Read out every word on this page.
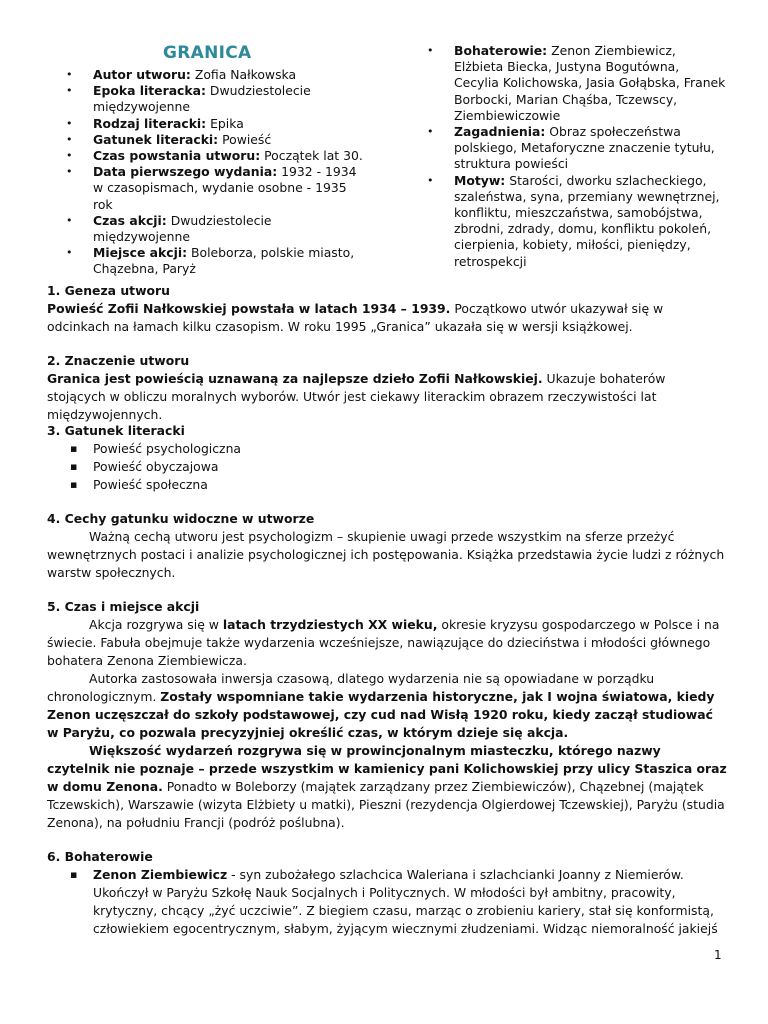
GRANICA
• Autor utworu: Zofia Nałkowska
• Epoka literacka: Dwudziestolecie międzywojenne
• Rodzaj literacki: Epika
• Gatunek literacki: Powieść
• Czas powstania utworu: Początek lat 30.
• Data pierwszego wydania: 1932 - 1934 w czasopismach, wydanie osobne - 1935 rok
• Czas akcji: Dwudziestolecie międzywojenne
• Miejsce akcji: Boleborza, polskie miasto, Chązebna, Paryż
• Bohaterowie: Zenon Ziembiewicz, Elżbieta Biecka, Justyna Bogutówna, Cecylia Kolichowska, Jasia Gołąbska, Franek Borbocki, Marian Chąśba, Tczewscy, Ziembiewiczowie
• Zagadnienia: Obraz społeczeństwa polskiego, Metaforyczne znaczenie tytułu, struktura powieści
• Motyw: Starości, dworku szlacheckiego, szaleństwa, syna, przemiany wewnętrznej, konfliktu, mieszczaństwa, samobójstwa, zbrodni, zdrady, domu, konfliktu pokoleń, cierpienia, kobiety, miłości, pieniędzy, retrospekcji
1. Geneza utworu

Powieść Zofii Nałkowskiej powstała w latach 1934 – 1939. Początkowo utwór ukazywał się w odcinkach na łamach kilku czasopism. W roku 1995 „Granica” ukazała się w wersji książkowej.

2. Znaczenie utworu

Granica jest powieścią uznawaną za najlepsze dzieło Zofii Nałkowskiej. Ukazuje bohaterów stojących w obliczu moralnych wyborów. Utwór jest ciekawy literackim obrazem rzeczywistości lat międzywojennych.

3. Gatunek literacki
▪ Powieść psychologiczna
▪ Powieść obyczajowa
▪ Powieść społeczna
4. Cechy gatunku widoczne w utworze

Ważną cechą utworu jest psychologizm – skupienie uwagi przede wszystkim na sferze przeżyć wewnętrznych postaci i analizie psychologicznej ich postępowania. Książka przedstawia życie ludzi z różnych warstw społecznych.

5. Czas i miejsce akcji

Akcja rozgrywa się w latach trzydziestych XX wieku, okresie kryzysu gospodarczego w Polsce i na świecie. Fabuła obejmuje także wydarzenia wcześniejsze, nawiązujące do dzieciństwa i młodości głównego bohatera Zenona Ziembiewicza.

Autorka zastosowała inwersja czasową, dlatego wydarzenia nie są opowiadane w porządku chronologicznym. Zostały wspomniane takie wydarzenia historyczne, jak I wojna światowa, kiedy Zenon uczęszczał do szkoły podstawowej, czy cud nad Wisłą 1920 roku, kiedy zaczął studiować w Paryżu, co pozwala precyzyjniej określić czas, w którym dzieje się akcja.

Większość wydarzeń rozgrywa się w prowincjonalnym miasteczku, którego nazwy czytelnik nie poznaje – przede wszystkim w kamienicy pani Kolichowskiej przy ulicy Staszica oraz w domu Zenona. Ponadto w Boleborzy (majątek zarządzany przez Ziembiewiczów), Chązebnej (majątek Tczewskich), Warszawie (wizyta Elżbiety u matki), Pieszni (rezydencja Olgierdowej Tczewskiej), Paryżu (studia Zenona), na południu Francji (podróż poślubna).

6. Bohaterowie
▪ Zenon Ziembiewicz - syn zubożałego szlachcica Waleriana i szlachcianki Joanny z Niemierów. Ukończył w Paryżu Szkołę Nauk Socjalnych i Politycznych. W młodości był ambitny, pracowity, krytyczny, chcący „żyć uczciwie”. Z biegiem czasu, marząc o zrobieniu kariery, stał się konformistą, człowiekiem egocentrycznym, słabym, żyjącym wiecznymi złudzeniami. Widząc niemoralność jakiejś
1
